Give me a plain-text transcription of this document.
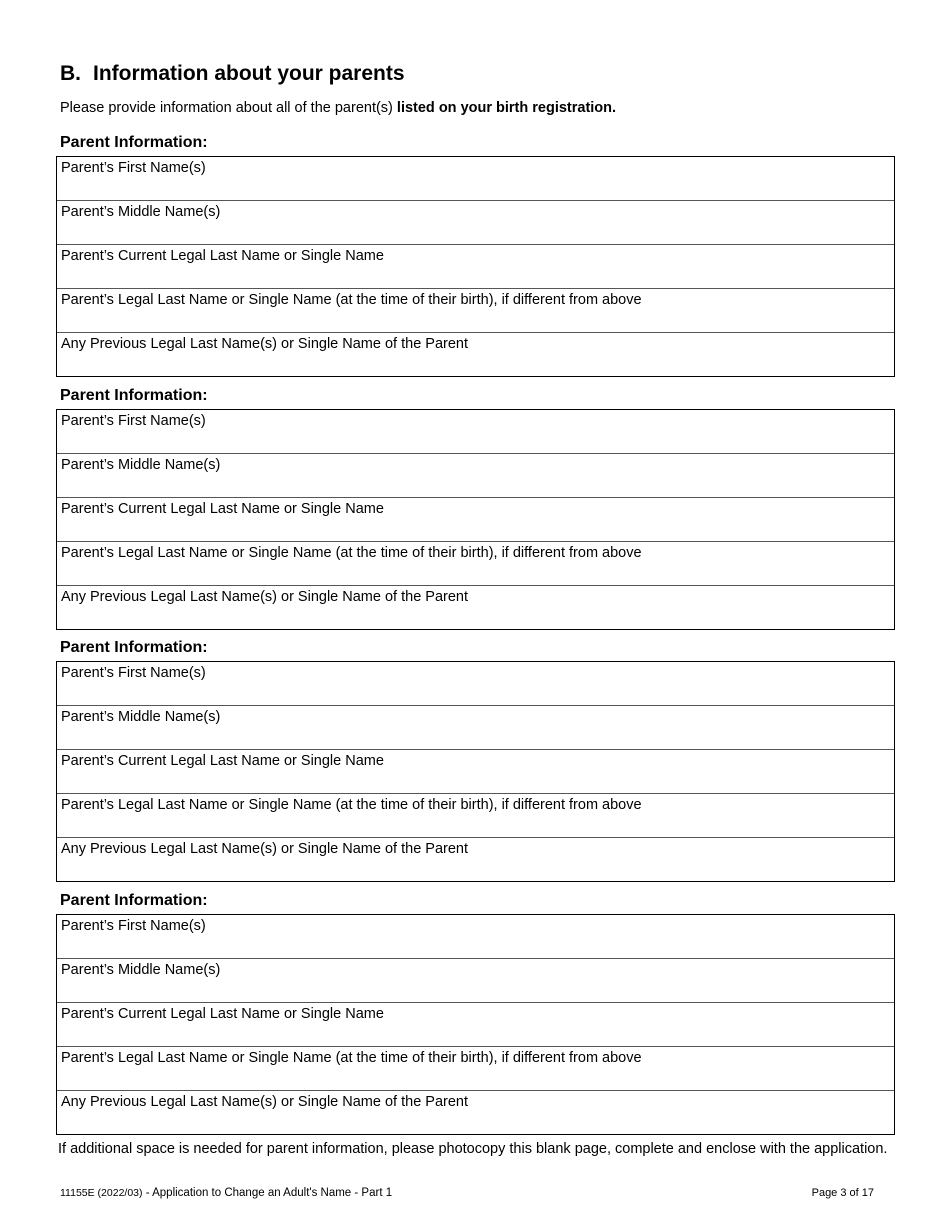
B. Information about your parents
Please provide information about all of the parent(s) listed on your birth registration.
Parent Information:
Parent’s First Name(s)
Parent’s Middle Name(s)
Parent’s Current Legal Last Name or Single Name
Parent’s Legal Last Name or Single Name (at the time of their birth), if different from above
Any Previous Legal Last Name(s) or Single Name of the Parent
Parent Information:
Parent’s First Name(s)
Parent’s Middle Name(s)
Parent’s Current Legal Last Name or Single Name
Parent’s Legal Last Name or Single Name (at the time of their birth), if different from above
Any Previous Legal Last Name(s) or Single Name of the Parent
Parent Information:
Parent’s First Name(s)
Parent’s Middle Name(s)
Parent’s Current Legal Last Name or Single Name
Parent’s Legal Last Name or Single Name (at the time of their birth), if different from above
Any Previous Legal Last Name(s) or Single Name of the Parent
Parent Information:
Parent’s First Name(s)
Parent’s Middle Name(s)
Parent’s Current Legal Last Name or Single Name
Parent’s Legal Last Name or Single Name (at the time of their birth), if different from above
Any Previous Legal Last Name(s) or Single Name of the Parent
If additional space is needed for parent information, please photocopy this blank page, complete and enclose with the application.
11155E (2022/03) - Application to Change an Adult's Name - Part 1	Page 3 of 17
